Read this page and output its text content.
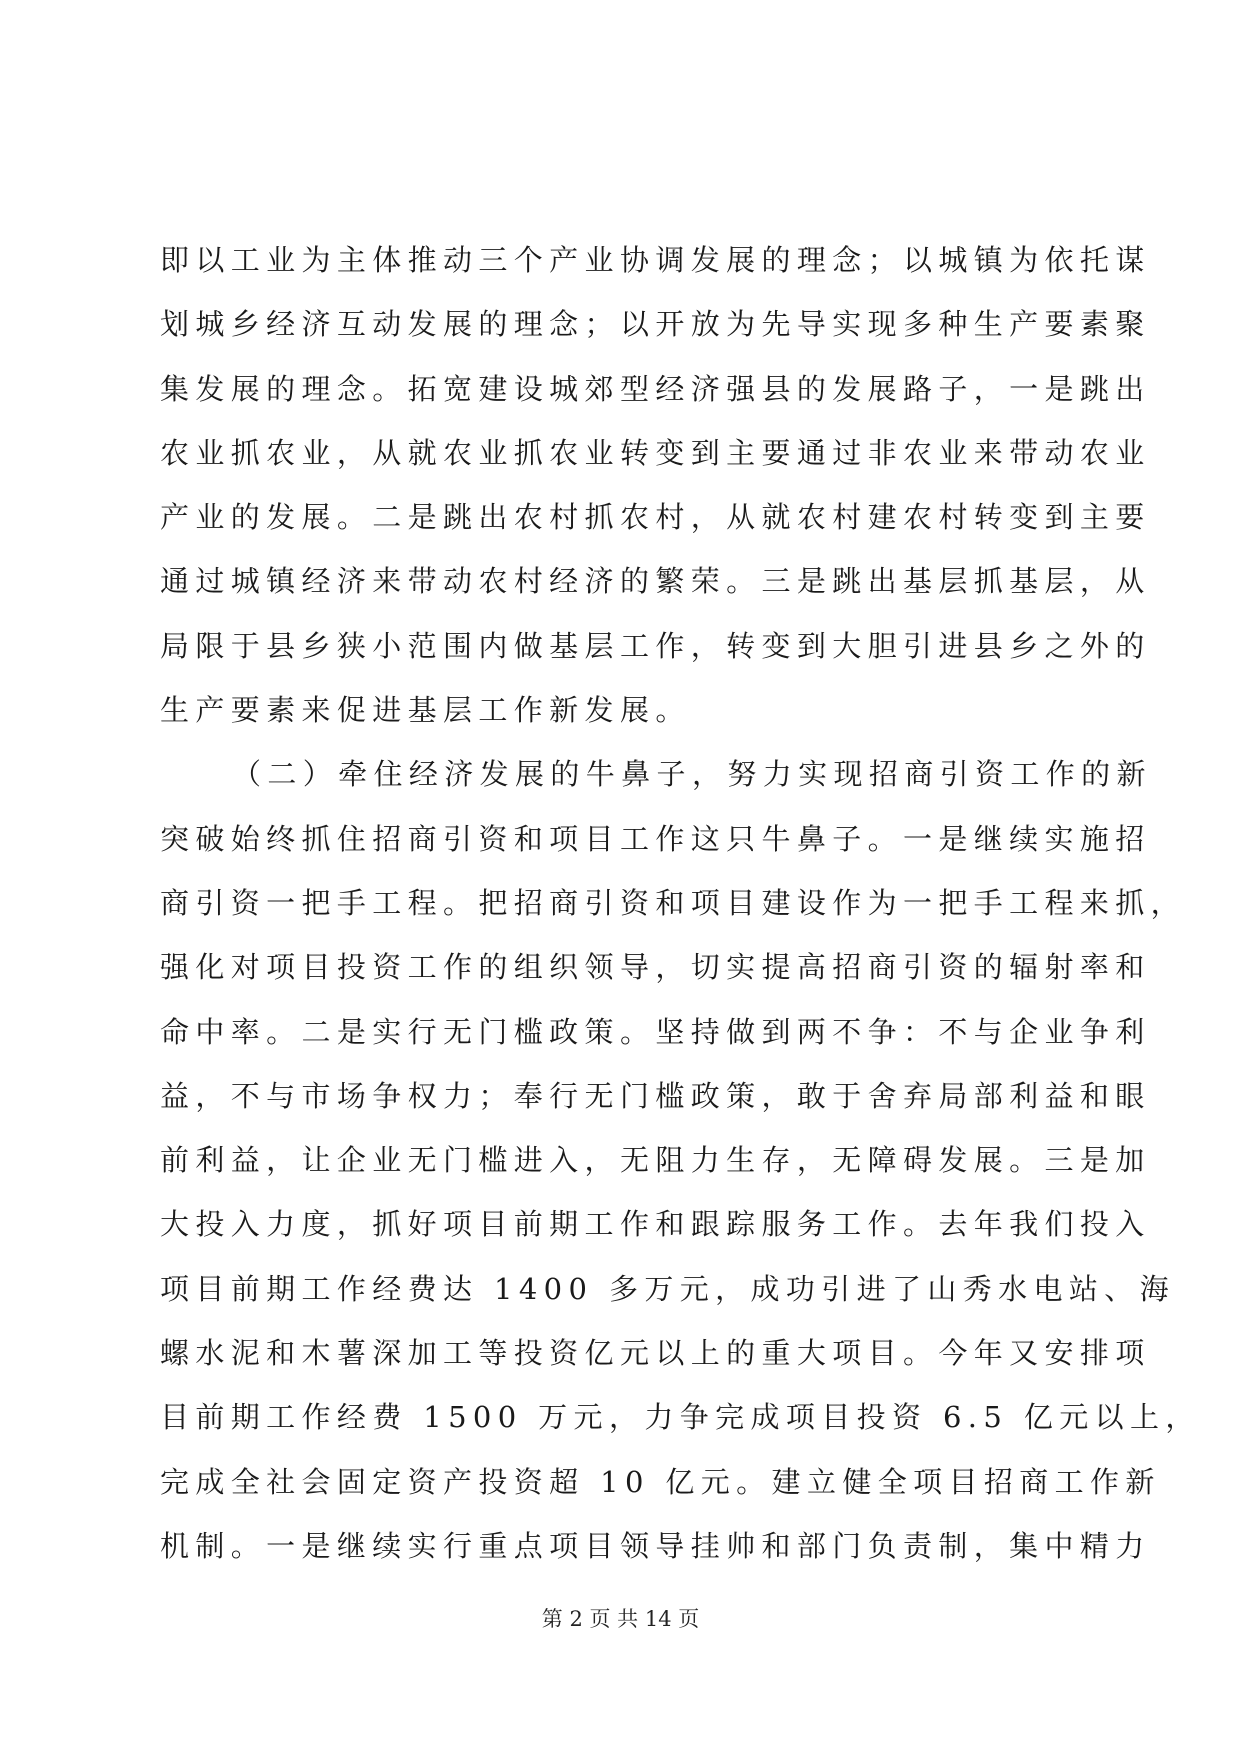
即以工业为主体推动三个产业协调发展的理念；以城镇为依托谋
划城乡经济互动发展的理念；以开放为先导实现多种生产要素聚
集发展的理念。拓宽建设城郊型经济强县的发展路子，一是跳出
农业抓农业，从就农业抓农业转变到主要通过非农业来带动农业
产业的发展。二是跳出农村抓农村，从就农村建农村转变到主要
通过城镇经济来带动农村经济的繁荣。三是跳出基层抓基层，从
局限于县乡狭小范围内做基层工作，转变到大胆引进县乡之外的
生产要素来促进基层工作新发展。
（二）牵住经济发展的牛鼻子，努力实现招商引资工作的新
突破始终抓住招商引资和项目工作这只牛鼻子。一是继续实施招
商引资一把手工程。把招商引资和项目建设作为一把手工程来抓，
强化对项目投资工作的组织领导，切实提高招商引资的辐射率和
命中率。二是实行无门槛政策。坚持做到两不争：不与企业争利
益，不与市场争权力；奉行无门槛政策，敢于舍弃局部利益和眼
前利益，让企业无门槛进入，无阻力生存，无障碍发展。三是加
大投入力度，抓好项目前期工作和跟踪服务工作。去年我们投入
项目前期工作经费达 1400 多万元，成功引进了山秀水电站、海
螺水泥和木薯深加工等投资亿元以上的重大项目。今年又安排项
目前期工作经费 1500 万元，力争完成项目投资 6.5 亿元以上，
完成全社会固定资产投资超 10 亿元。建立健全项目招商工作新
机制。一是继续实行重点项目领导挂帅和部门负责制，集中精力
第 2 页 共 14 页
